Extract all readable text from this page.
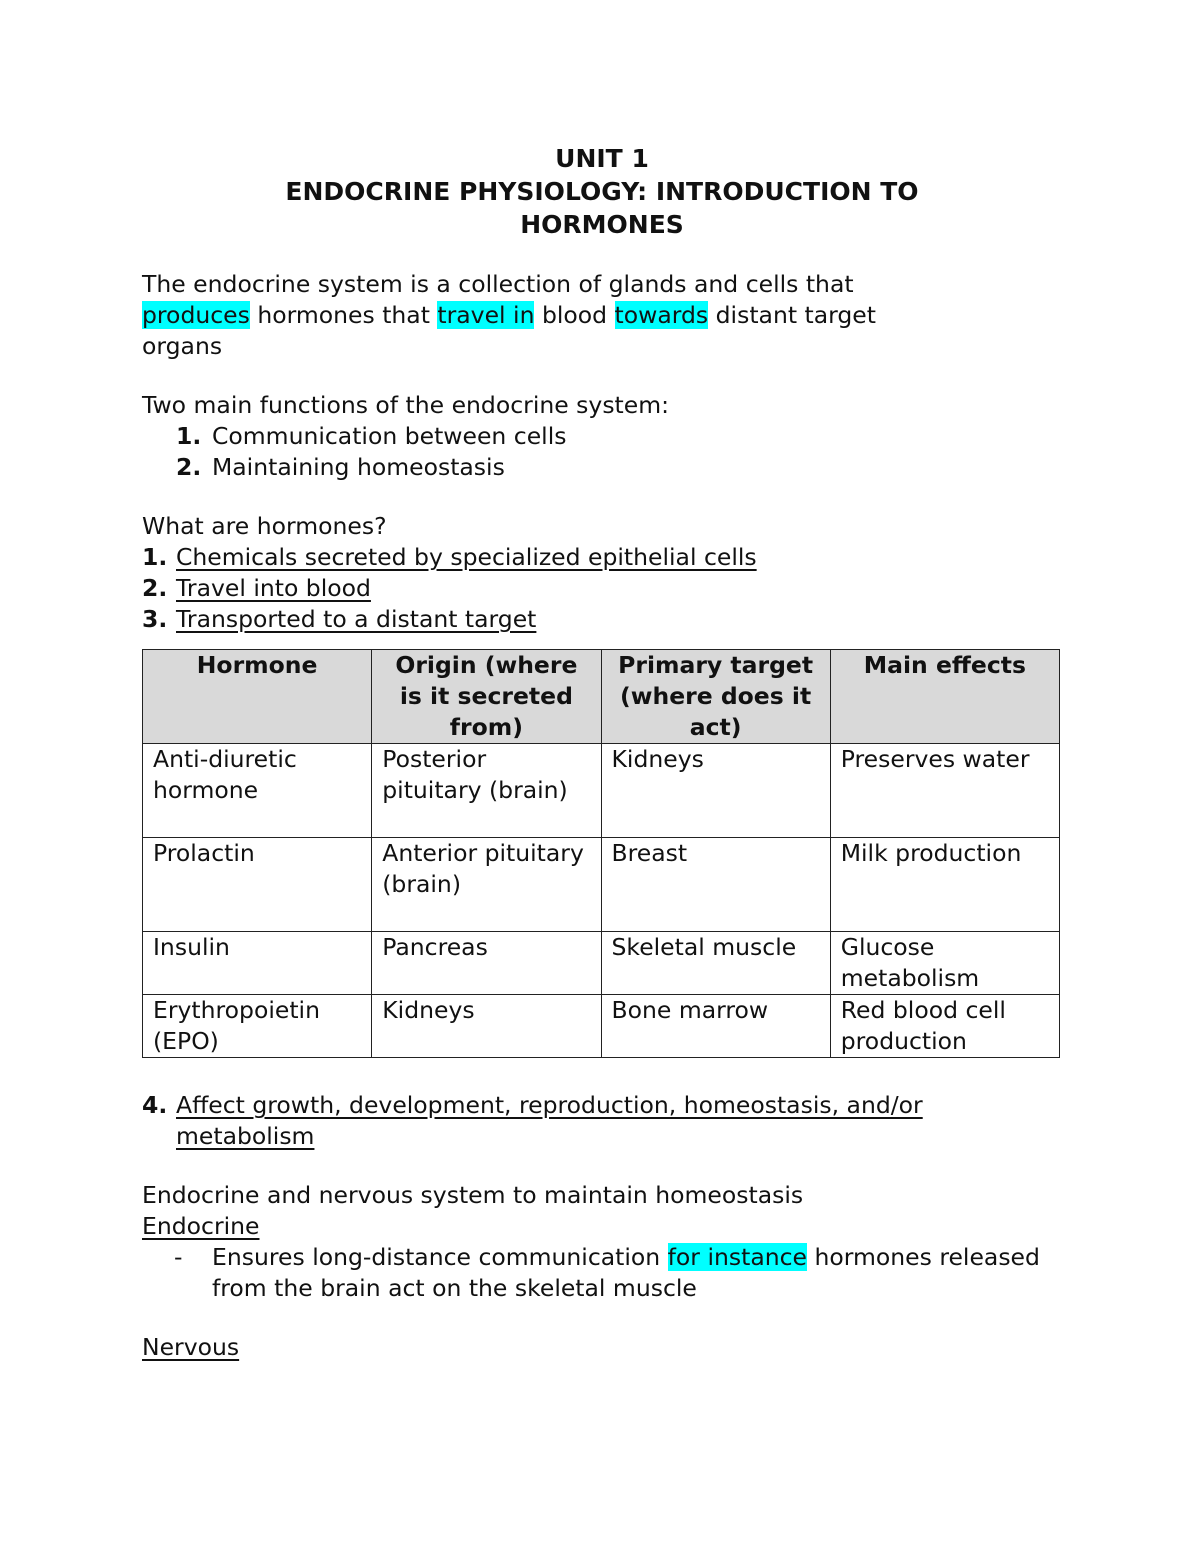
UNIT 1
ENDOCRINE PHYSIOLOGY: INTRODUCTION TO
HORMONES

The endocrine system is a collection of glands and cells that
produces hormones that travel in blood towards distant target
organs

Two main functions of the endocrine system:

1. Communication between cells
2. Maintaining homeostasis

What are hormones?

1. Chemicals secreted by specialized epithelial cells
2. Travel into blood
3. Transported to a distant target
Hormone	Origin (where is it secreted from)	Primary target (where does it act)	Main effects
Anti-diuretic hormone	Posterior pituitary (brain)	Kidneys	Preserves water
Prolactin	Anterior pituitary (brain)	Breast	Milk production
Insulin	Pancreas	Skeletal muscle	Glucose metabolism
Erythropoietin (EPO)	Kidneys	Bone marrow	Red blood cell production
4. Affect growth, development, reproduction, homeostasis, and/or metabolism

Endocrine and nervous system to maintain homeostasis

Endocrine

- Ensures long-distance communication for instance hormones released from the brain act on the skeletal muscle

Nervous
